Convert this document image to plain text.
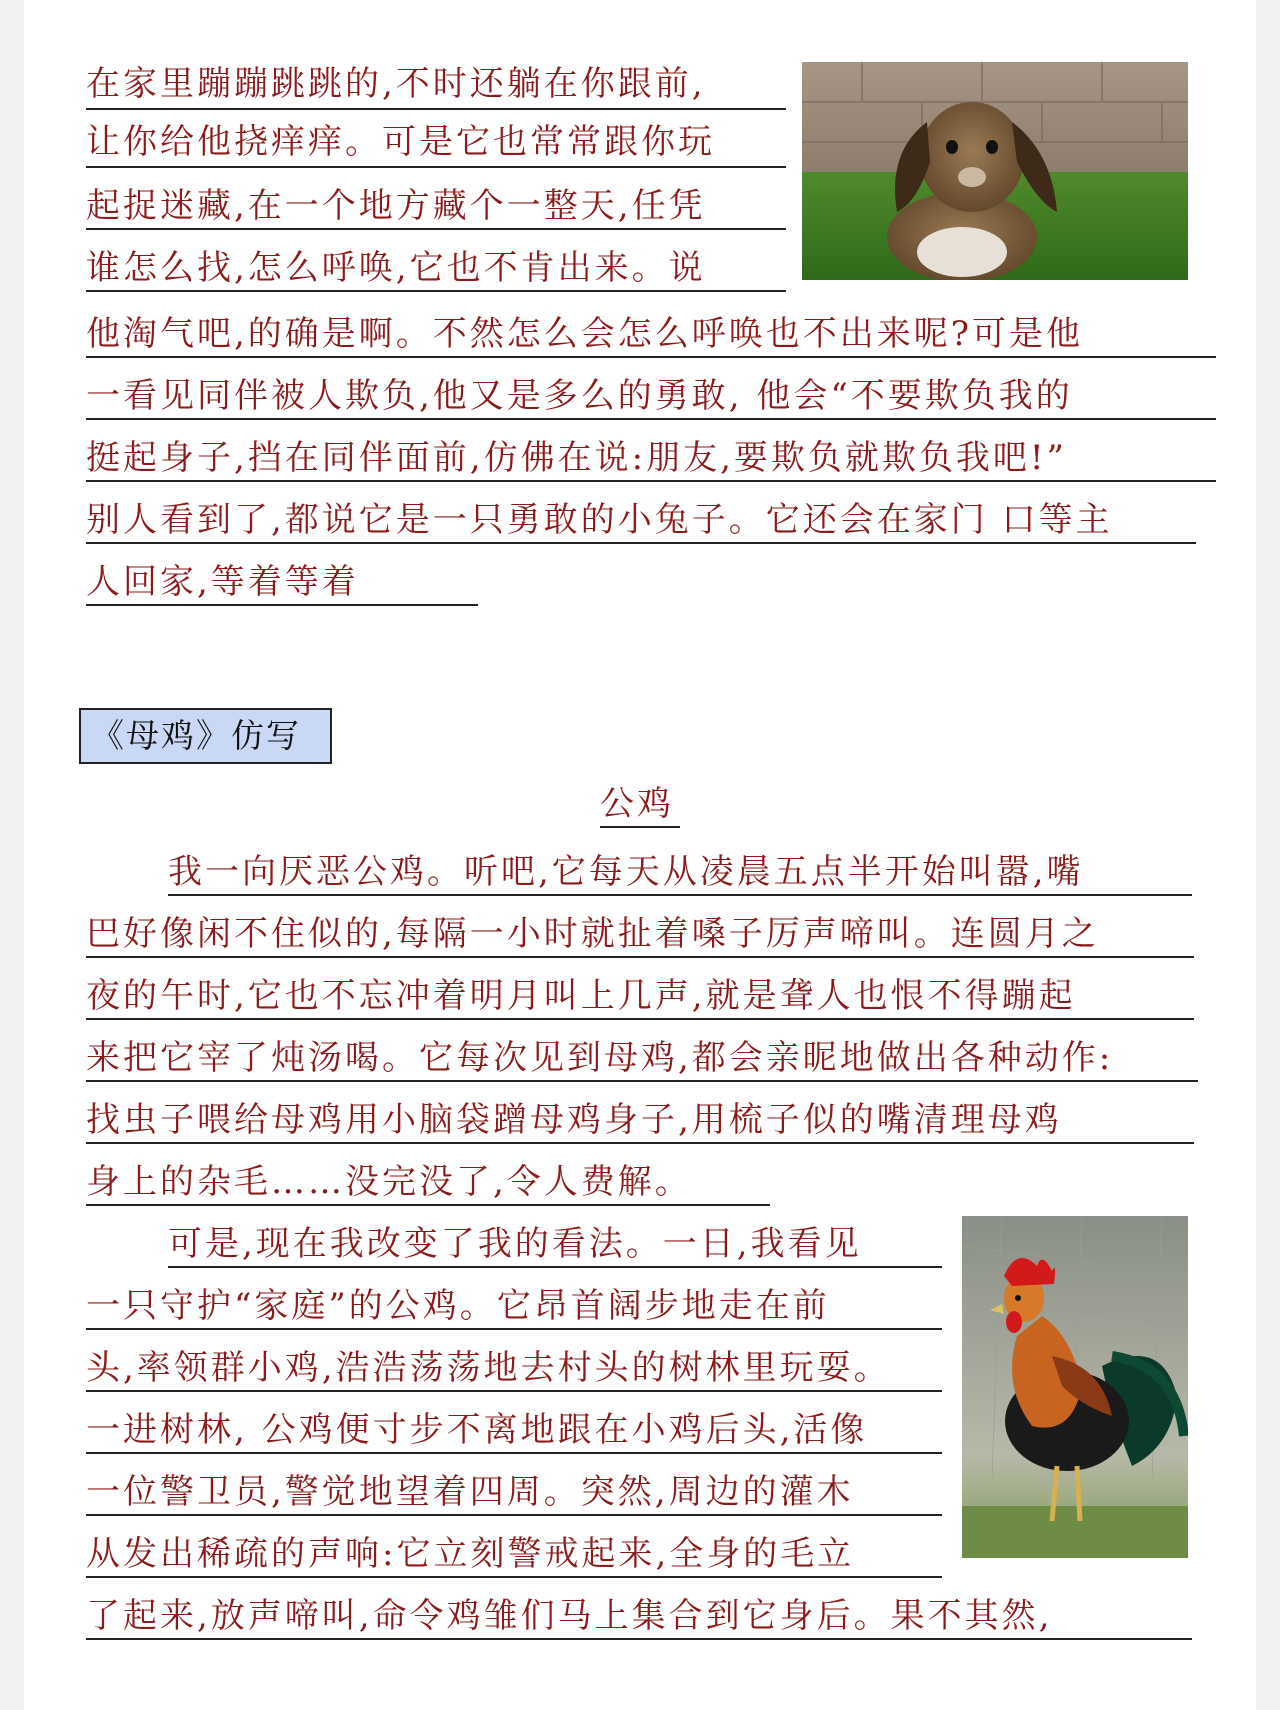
在家里蹦蹦跳跳的,不时还躺在你跟前,
让你给他挠痒痒。可是它也常常跟你玩
起捉迷藏,在一个地方藏个一整天,任凭
谁怎么找,怎么呼唤,它也不肯出来。说
他淘气吧,的确是啊。不然怎么会怎么呼唤也不出来呢?可是他
一看见同伴被人欺负,他又是多么的勇敢, 他会“不要欺负我的
挺起身子,挡在同伴面前,仿佛在说:朋友,要欺负就欺负我吧!”
别人看到了,都说它是一只勇敢的小兔子。它还会在家门 口等主
人回家,等着等着
《母鸡》仿写
公鸡
我一向厌恶公鸡。听吧,它每天从凌晨五点半开始叫嚣,嘴
巴好像闲不住似的,每隔一小时就扯着嗓子厉声啼叫。连圆月之
夜的午时,它也不忘冲着明月叫上几声,就是聋人也恨不得蹦起
来把它宰了炖汤喝。它每次见到母鸡,都会亲昵地做出各种动作:
找虫子喂给母鸡用小脑袋蹭母鸡身子,用梳子似的嘴清理母鸡
身上的杂毛……没完没了,令人费解。
可是,现在我改变了我的看法。一日,我看见
一只守护“家庭”的公鸡。它昂首阔步地走在前
头,率领群小鸡,浩浩荡荡地去村头的树林里玩耍。
一进树林, 公鸡便寸步不离地跟在小鸡后头,活像
一位警卫员,警觉地望着四周。突然,周边的灌木
从发出稀疏的声响:它立刻警戒起来,全身的毛立
了起来,放声啼叫,命令鸡雏们马上集合到它身后。果不其然,
